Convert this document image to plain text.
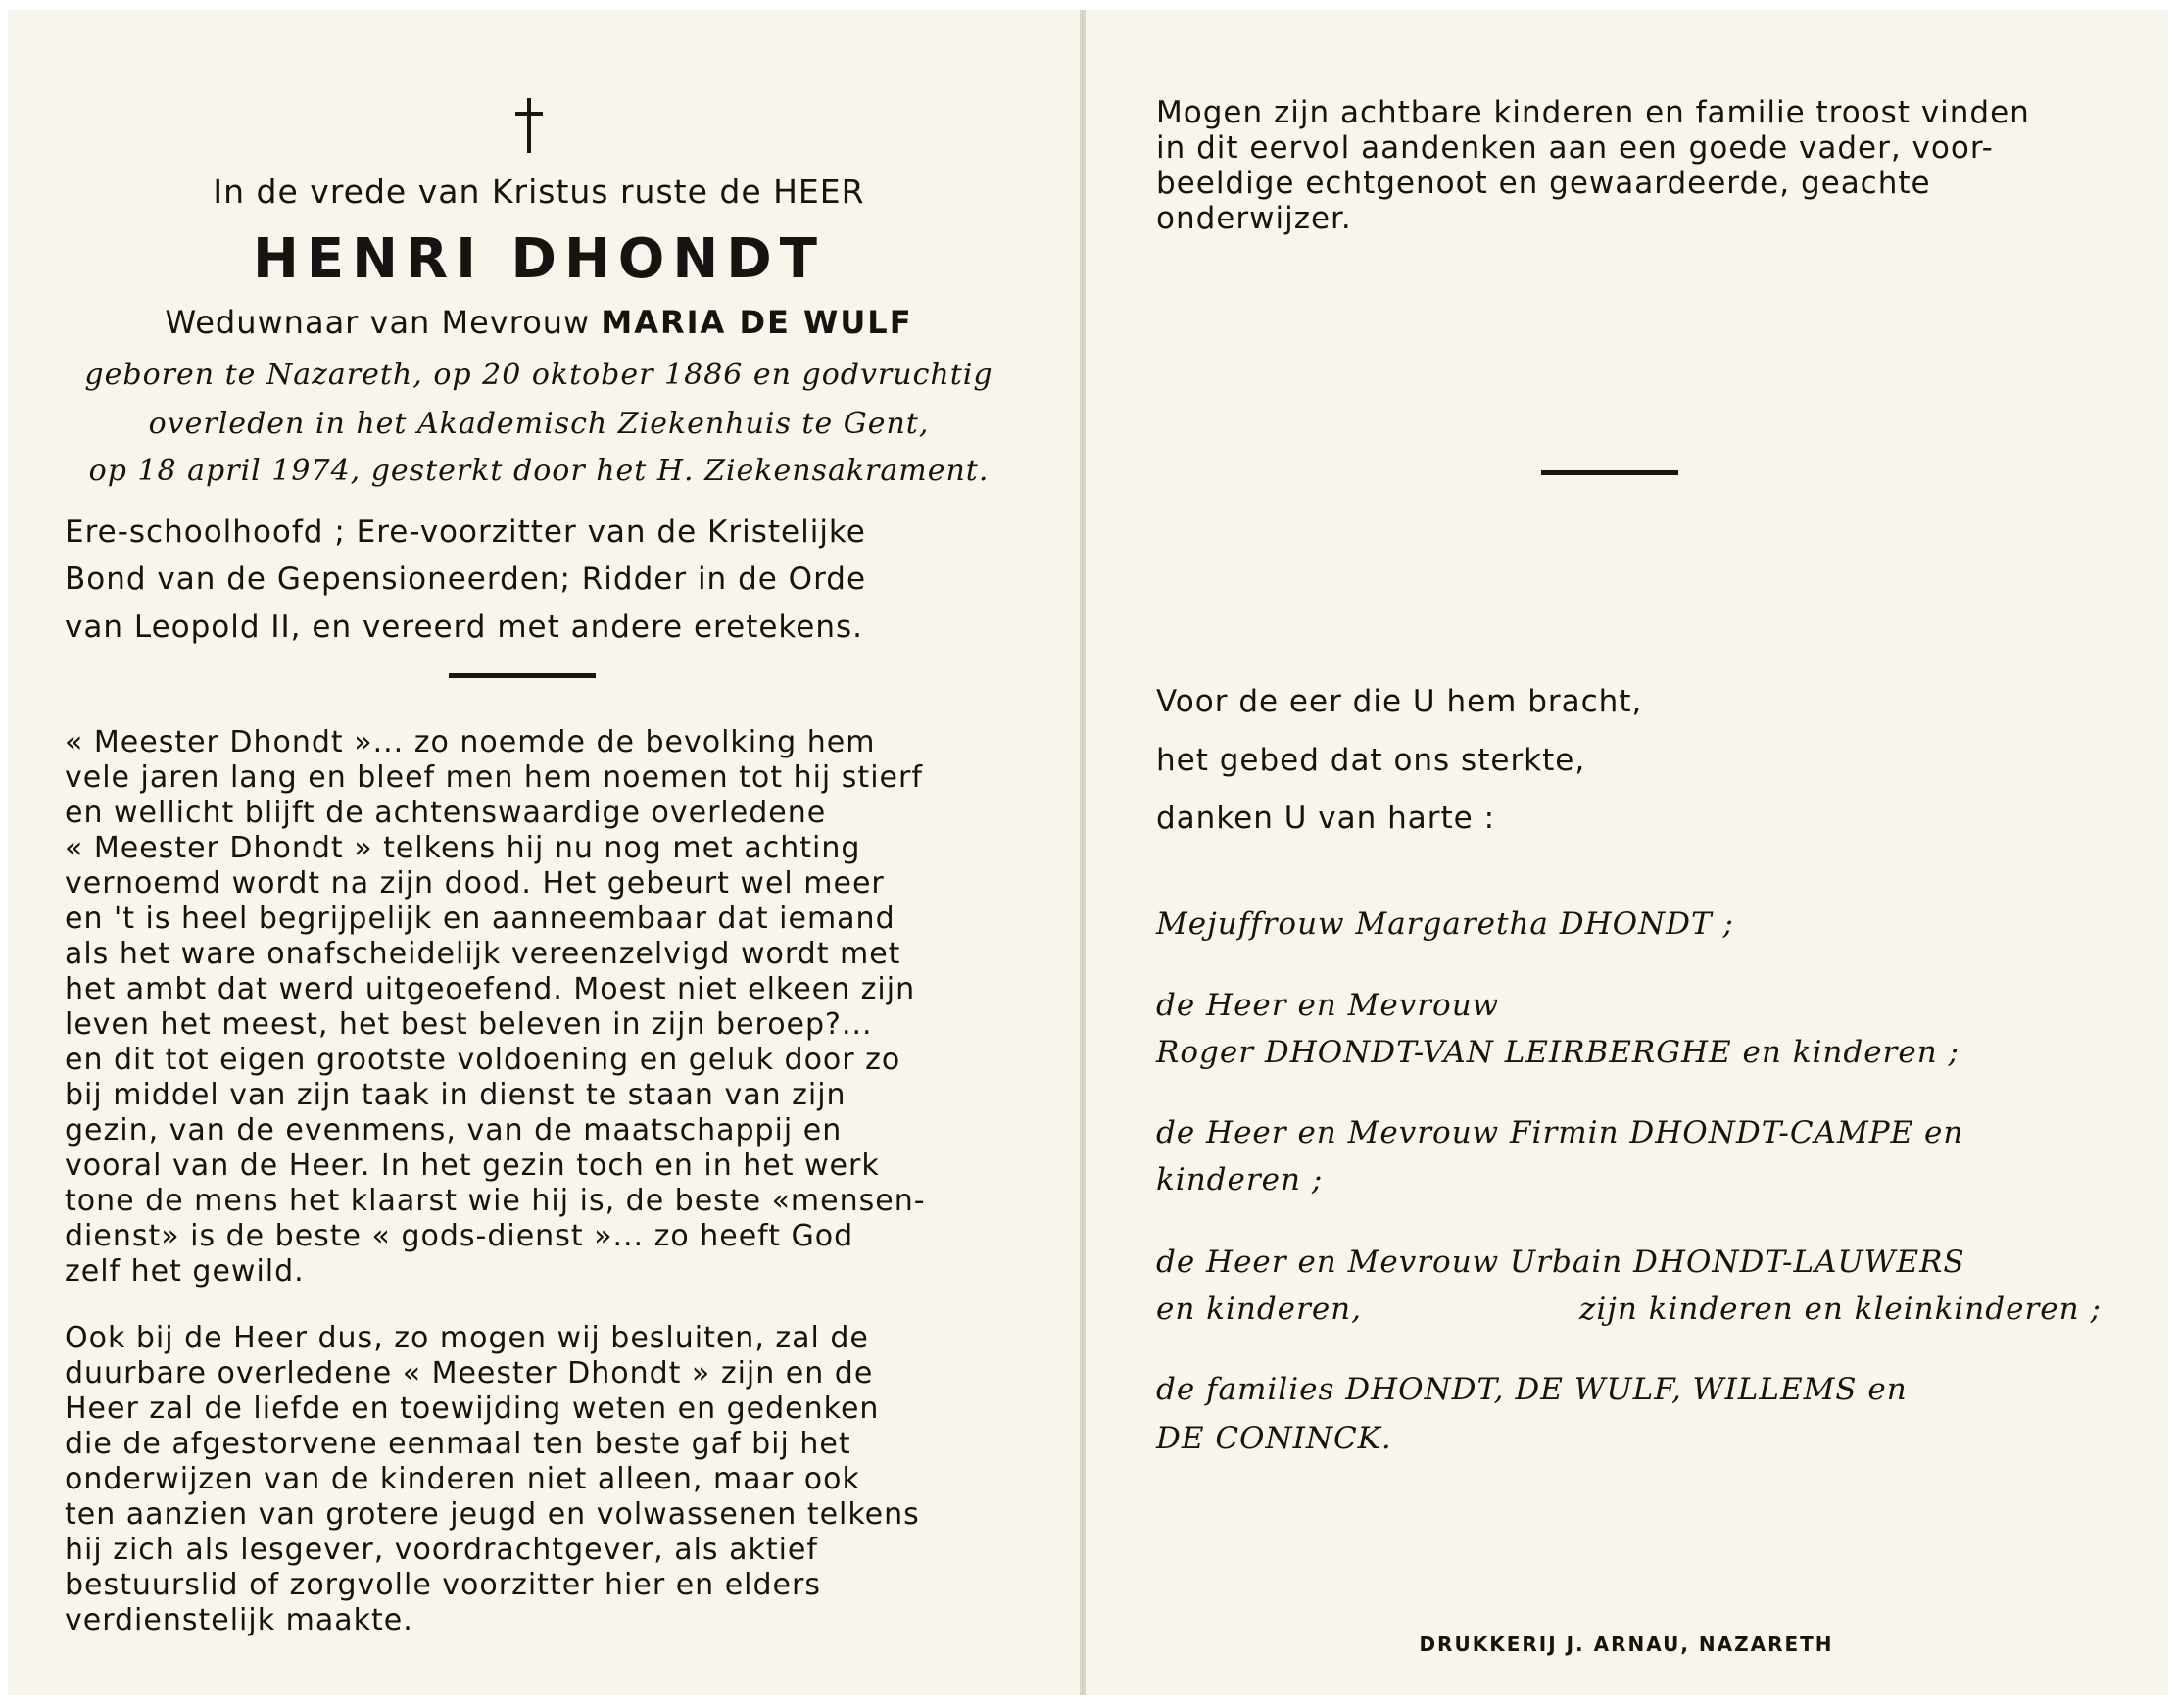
In de vrede van Kristus ruste de HEER
HENRI DHONDT
Weduwnaar van Mevrouw MARIA DE WULF
geboren te Nazareth, op 20 oktober 1886 en godvruchtig
overleden in het Akademisch Ziekenhuis te Gent,
op 18 april 1974, gesterkt door het H. Ziekensakrament.
Ere-schoolhoofd ; Ere-voorzitter van de Kristelijke
Bond van de Gepensioneerden; Ridder in de Orde
van Leopold II, en vereerd met andere eretekens.
« Meester Dhondt »... zo noemde de bevolking hem
vele jaren lang en bleef men hem noemen tot hij stierf
en wellicht blijft de achtenswaardige overledene
« Meester Dhondt » telkens hij nu nog met achting
vernoemd wordt na zijn dood. Het gebeurt wel meer
en 't is heel begrijpelijk en aanneembaar dat iemand
als het ware onafscheidelijk vereenzelvigd wordt met
het ambt dat werd uitgeoefend. Moest niet elkeen zijn
leven het meest, het best beleven in zijn beroep?...
en dit tot eigen grootste voldoening en geluk door zo
bij middel van zijn taak in dienst te staan van zijn
gezin, van de evenmens, van de maatschappij en
vooral van de Heer. In het gezin toch en in het werk
tone de mens het klaarst wie hij is, de beste «mensen-
dienst» is de beste « gods-dienst »... zo heeft God
zelf het gewild.
Ook bij de Heer dus, zo mogen wij besluiten, zal de
duurbare overledene « Meester Dhondt » zijn en de
Heer zal de liefde en toewijding weten en gedenken
die de afgestorvene eenmaal ten beste gaf bij het
onderwijzen van de kinderen niet alleen, maar ook
ten aanzien van grotere jeugd en volwassenen telkens
hij zich als lesgever, voordrachtgever, als aktief
bestuurslid of zorgvolle voorzitter hier en elders
verdienstelijk maakte.
Mogen zijn achtbare kinderen en familie troost vinden
in dit eervol aandenken aan een goede vader, voor-
beeldige echtgenoot en gewaardeerde, geachte
onderwijzer.
Voor de eer die U hem bracht,
het gebed dat ons sterkte,
danken U van harte :
Mejuffrouw Margaretha DHONDT ;
de Heer en Mevrouw
Roger DHONDT-VAN LEIRBERGHE en kinderen ;
de Heer en Mevrouw Firmin DHONDT-CAMPE en
kinderen ;
de Heer en Mevrouw Urbain DHONDT-LAUWERS
en kinderen,	zijn kinderen en kleinkinderen ;
de families DHONDT, DE WULF, WILLEMS en
DE CONINCK.
DRUKKERIJ J. ARNAU, NAZARETH
